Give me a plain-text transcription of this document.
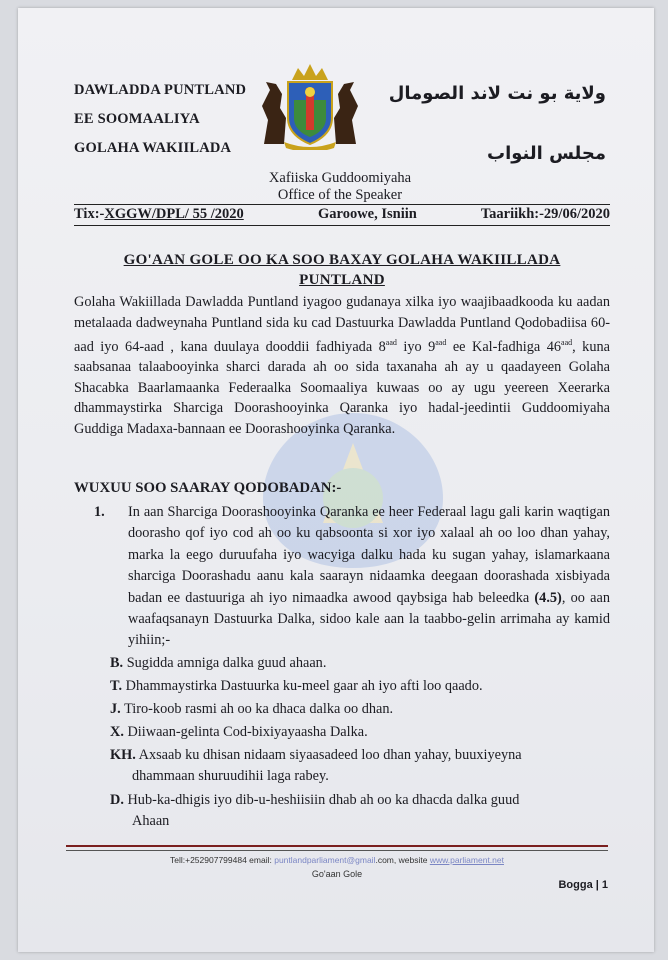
DAWLADDA PUNTLAND
EE SOOMAALIYA
GOLAHA WAKIILADA
ولاية بو نت لاند الصومال
مجلس النواب
Xafiiska Guddoomiyaha
Office of the Speaker
Tix:-XGGW/DPL/ 55 /2020	Garoowe, Isniin	Taariikh:-29/06/2020
GO'AAN GOLE OO KA SOO BAXAY GOLAHA WAKIILLADA
PUNTLAND
Golaha Wakiillada Dawladda Puntland iyagoo gudanaya xilka iyo waajibaadkooda ku aadan metalaada dadweynaha Puntland sida ku cad Dastuurka Dawladda Puntland Qodobadiisa 60-aad iyo 64-aad , kana duulaya dooddii fadhiyada $8^{aad}$ iyo $9^{aad}$ ee Kal-fadhiga $46^{aad}$, kuna saabsanaa talaabooyinka sharci darada ah oo sida taxanaha ah ay u qaadayeen Golaha Shacabka Baarlamaanka Federaalka Soomaaliya kuwaas oo ay ugu yeereen Xeerarka dhammaystirka Sharciga Doorashooyinka Qaranka iyo hadal-jeedintii Guddoomiyaha Guddiga Madaxa-bannaan ee Doorashooyinka Qaranka.
WUXUU SOO SAARAY QODOBADAN:-
1. In aan Sharciga Doorashooyinka Qaranka ee heer Federaal lagu gali karin waqtigan doorasho qof iyo cod ah oo ku qabsoonta si xor iyo xalaal ah oo loo dhan yahay, marka la eego duruufaha iyo wacyiga dalku hada ku sugan yahay, islamarkaana sharciga Doorashadu aanu kala saarayn nidaamka deegaan doorashada xisbiyada badan ee dastuuriga ah iyo nimaadka awood qaybsiga hab beleedka (4.5), oo aan waafaqsanayn Dastuurka Dalka, sidoo kale aan la taabbo-gelin arrimaha ay kamid yihiin;-
B. Sugidda amniga dalka guud ahaan.
T. Dhammaystirka Dastuurka ku-meel gaar ah iyo afti loo qaado.
J. Tiro-koob rasmi ah oo ka dhaca dalka oo dhan.
X. Diiwaan-gelinta Cod-bixiyayaasha Dalka.
KH. Axsaab ku dhisan nidaam siyaasadeed loo dhan yahay, buuxiyeyna
dhammaan shuruudihii laga rabey.
D. Hub-ka-dhigis iyo dib-u-heshiisiin dhab ah oo ka dhacda dalka guud
Ahaan
Tell:+252907799484 email: puntlandparliament@gmail.com, website www.parliament.net
Go'aan Gole
Bogga | 1
